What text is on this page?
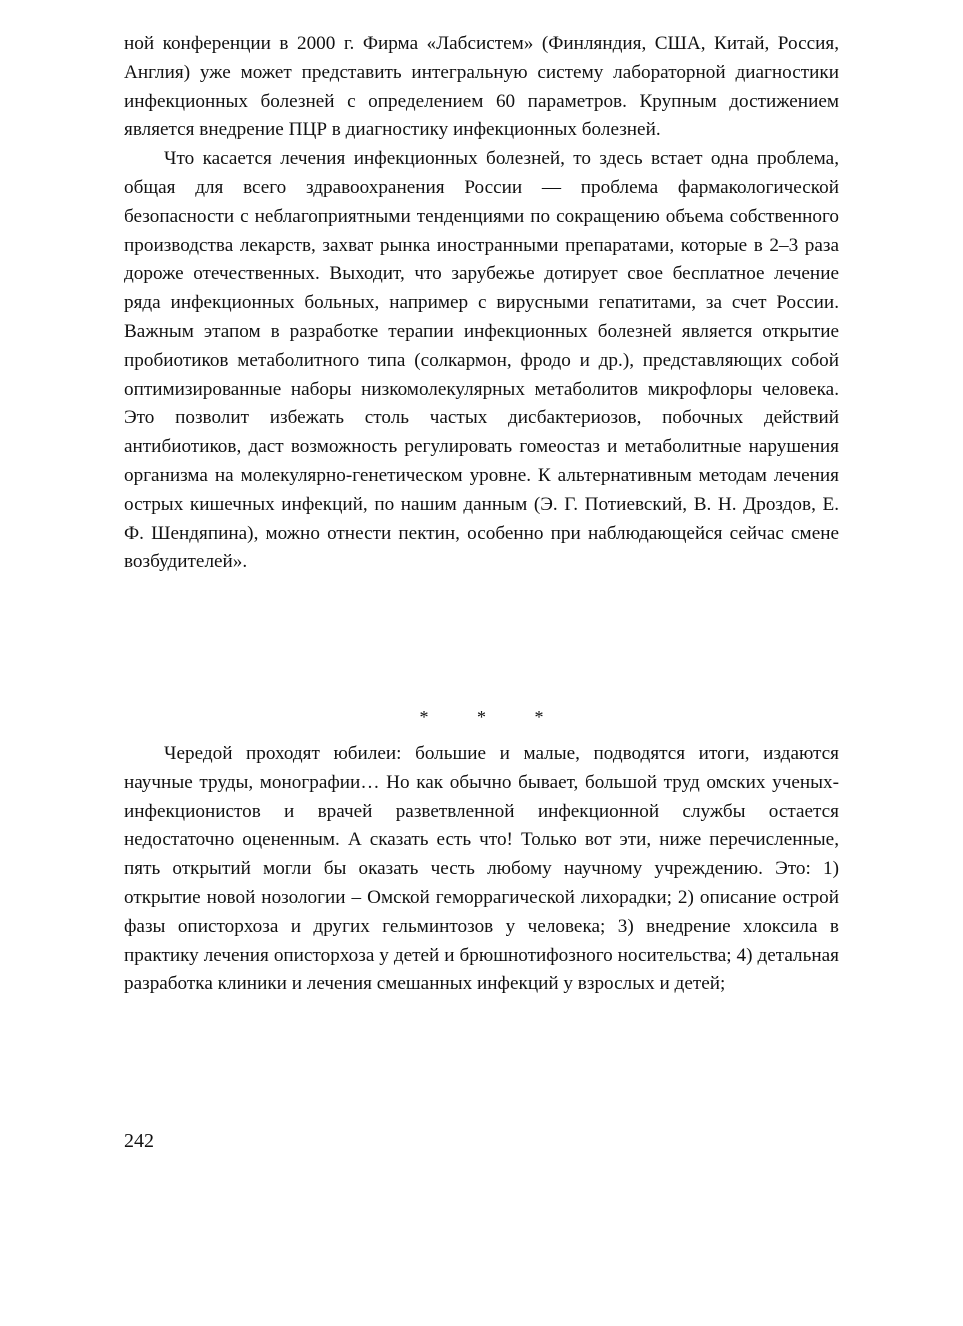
ной конференции в 2000 г. Фирма «Лабсистем» (Финляндия, США, Китай, Россия, Англия) уже может представить интегральную систему лабораторной диагностики инфекционных болезней с определением 60 параметров. Крупным достижением является внедрение ПЦР в диагностику инфекционных болезней.

Что касается лечения инфекционных болезней, то здесь встает одна проблема, общая для всего здравоохранения России — проблема фармакологической безопасности с неблагоприятными тенденциями по сокращению объема собственного производства лекарств, захват рынка иностранными препаратами, которые в 2–3 раза дороже отечественных. Выходит, что зарубежье дотирует свое бесплатное лечение ряда инфекционных больных, например с вирусными гепатитами, за счет России. Важным этапом в разработке терапии инфекционных болезней является открытие пробиотиков метаболитного типа (солкармон, фродо и др.), представляющих собой оптимизированные наборы низкомолекулярных метаболитов микрофлоры человека. Это позволит избежать столь частых дисбактериозов, побочных действий антибиотиков, даст возможность регулировать гомеостаз и метаболитные нарушения организма на молекулярно-генетическом уровне. К альтернативным методам лечения острых кишечных инфекций, по нашим данным (Э. Г. Потиевский, В. Н. Дроздов, Е. Ф. Шендяпина), можно отнести пектин, особенно при наблюдающейся сейчас смене возбудителей».

* * *

Чередой проходят юбилеи: большие и малые, подводятся итоги, издаются научные труды, монографии… Но как обычно бывает, большой труд омских ученых-инфекционистов и врачей разветвленной инфекционной службы остается недостаточно оцененным. А сказать есть что! Только вот эти, ниже перечисленные, пять открытий могли бы оказать честь любому научному учреждению. Это: 1) открытие новой нозологии – Омской геморрагической лихорадки; 2) описание острой фазы описторхоза и других гельминтозов у человека; 3) внедрение хлоксила в практику лечения описторхоза у детей и брюшнотифозного носительства; 4) детальная разработка клиники и лечения смешанных инфекций у взрослых и детей;

242
